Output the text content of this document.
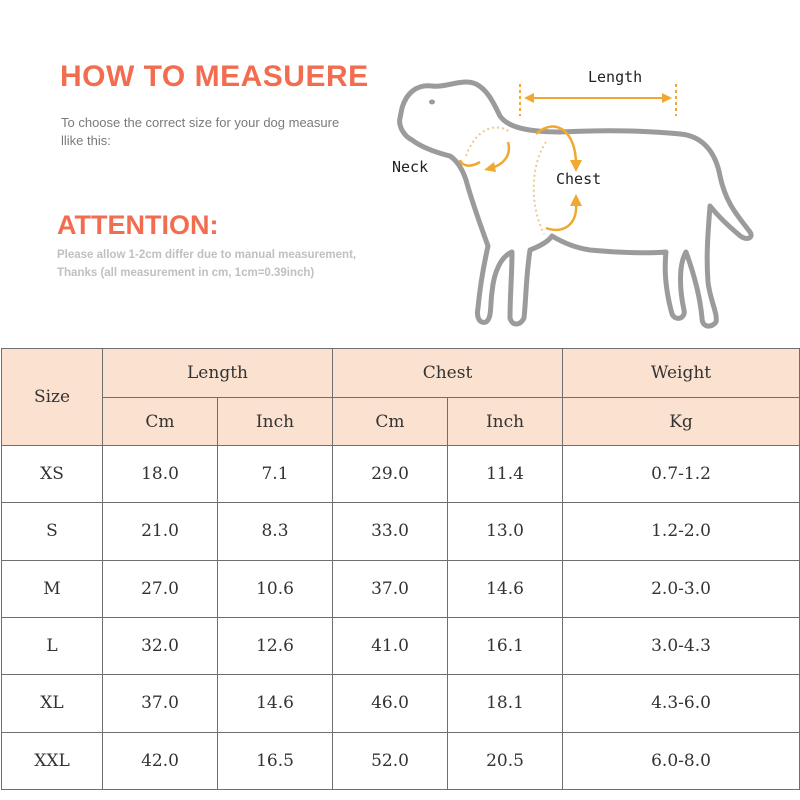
HOW TO MEASUERE

To choose the correct size for your dog measure llike this:

ATTENTION:

Please allow 1-2cm differ due to manual measurement,
Thanks (all measurement in cm, 1cm=0.39inch)

Length
Neck
Chest
Size	Length		Chest		Weight
	Cm	Inch	Cm	Inch	Kg
XS	18.0	7.1	29.0	11.4	0.7-1.2
S	21.0	8.3	33.0	13.0	1.2-2.0
M	27.0	10.6	37.0	14.6	2.0-3.0
L	32.0	12.6	41.0	16.1	3.0-4.3
XL	37.0	14.6	46.0	18.1	4.3-6.0
XXL	42.0	16.5	52.0	20.5	6.0-8.0
